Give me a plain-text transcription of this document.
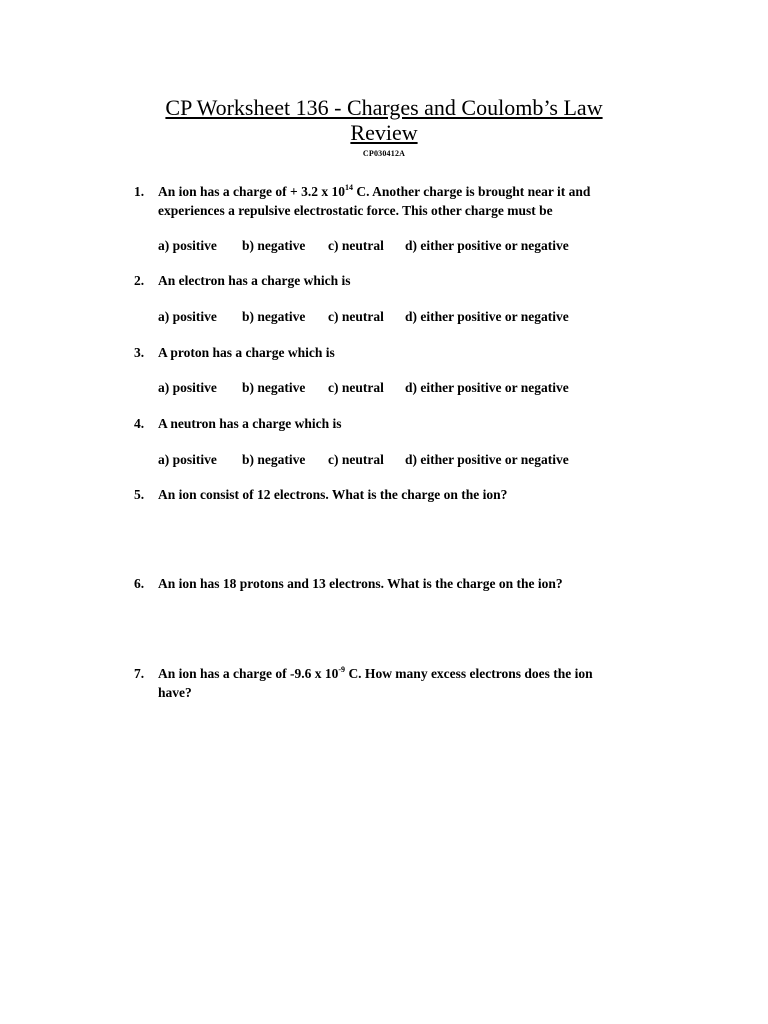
CP Worksheet 136 - Charges and Coulomb’s Law
Review
CP030412A
1.	An ion has a charge of + 3.2 x $10^{14}$ C. Another charge is brought near it and
experiences a repulsive electrostatic force. This other charge must be
a) positive b) negative c) neutral d) either positive or negative
2.	An electron has a charge which is
a) positive b) negative c) neutral d) either positive or negative
3.	A proton has a charge which is
a) positive b) negative c) neutral d) either positive or negative
4.	A neutron has a charge which is
a) positive b) negative c) neutral d) either positive or negative
5.	An ion consist of 12 electrons. What is the charge on the ion?
6.	An ion has 18 protons and 13 electrons. What is the charge on the ion?
7.	An ion has a charge of -9.6 x $10^{-9}$ C. How many excess electrons does the ion
have?
